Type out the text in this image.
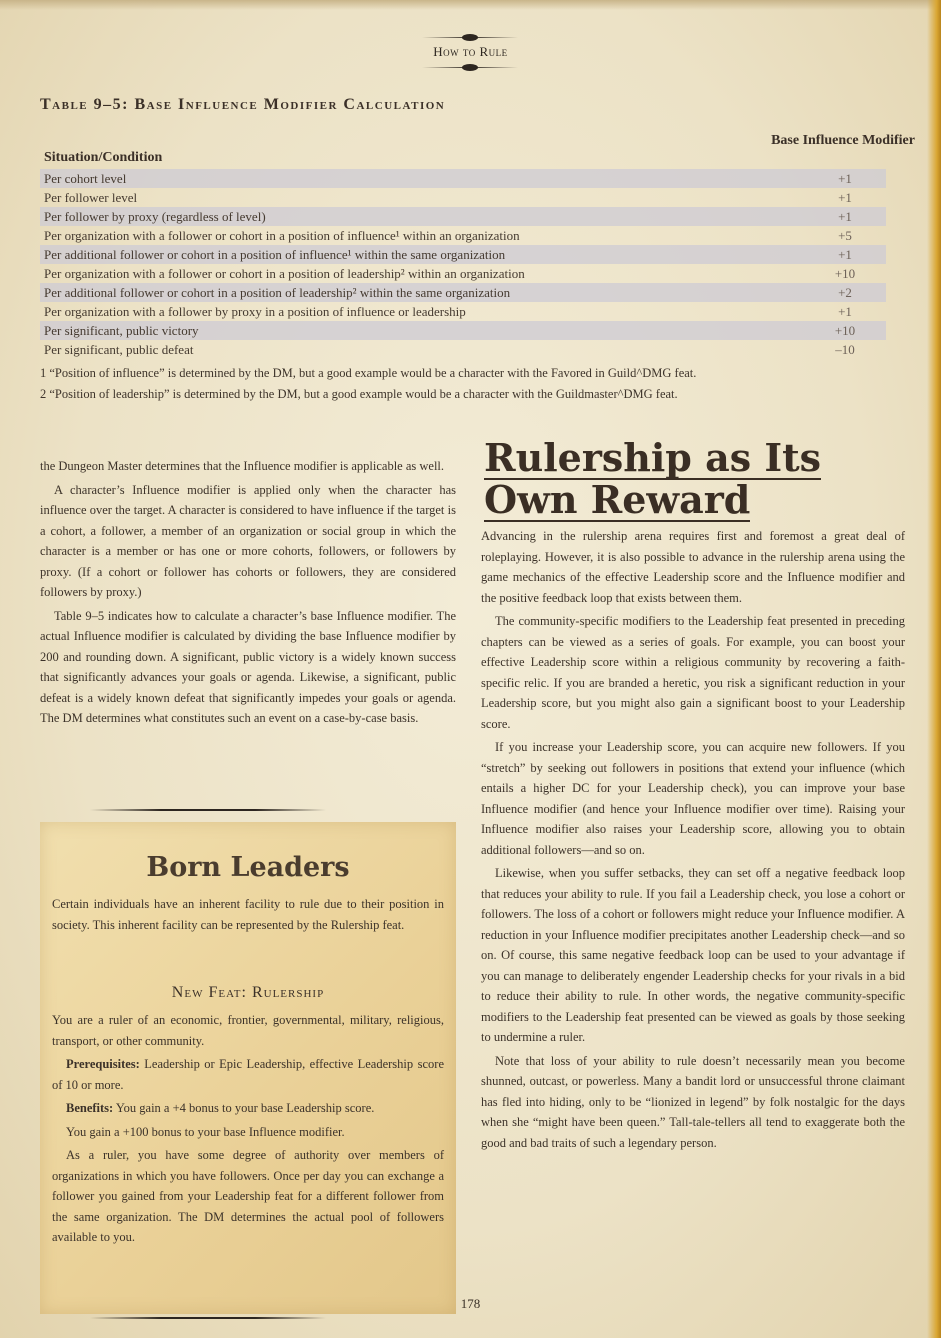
How to Rule
Table 9–5: Base Influence Modifier Calculation
Base Influence Modifier
Situation/Condition
Per cohort level	+1
Per follower level	+1
Per follower by proxy (regardless of level)	+1
Per organization with a follower or cohort in a position of influence¹ within an organization	+5
Per additional follower or cohort in a position of influence¹ within the same organization	+1
Per organization with a follower or cohort in a position of leadership² within an organization	+10
Per additional follower or cohort in a position of leadership² within the same organization	+2
Per organization with a follower by proxy in a position of influence or leadership	+1
Per significant, public victory	+10
Per significant, public defeat	–10
1 “Position of influence” is determined by the DM, but a good example would be a character with the Favored in Guild^DMG feat.
2 “Position of leadership” is determined by the DM, but a good example would be a character with the Guildmaster^DMG feat.

the Dungeon Master determines that the Influence modifier is applicable as well.

A character’s Influence modifier is applied only when the character has influence over the target. A character is considered to have influence if the target is a cohort, a follower, a member of an organization or social group in which the character is a member or has one or more cohorts, followers, or followers by proxy. (If a cohort or follower has cohorts or followers, they are considered followers by proxy.)

Table 9–5 indicates how to calculate a character’s base Influence modifier. The actual Influence modifier is calculated by dividing the base Influence modifier by 200 and rounding down. A significant, public victory is a widely known success that significantly advances your goals or agenda. Likewise, a significant, public defeat is a widely known defeat that significantly impedes your goals or agenda. The DM determines what constitutes such an event on a case-by-case basis.

Born Leaders

Certain individuals have an inherent facility to rule due to their position in society. This inherent facility can be represented by the Rulership feat.

New Feat: Rulership

You are a ruler of an economic, frontier, governmental, military, religious, transport, or other community.

Prerequisites: Leadership or Epic Leadership, effective Leadership score of 10 or more.

Benefits: You gain a +4 bonus to your base Leadership score.

You gain a +100 bonus to your base Influence modifier.

As a ruler, you have some degree of authority over members of organizations in which you have followers. Once per day you can exchange a follower you gained from your Leadership feat for a different follower from the same organization. The DM determines the actual pool of followers available to you.

Rulership as Its
Own Reward

Advancing in the rulership arena requires first and foremost a great deal of roleplaying. However, it is also possible to advance in the rulership arena using the game mechanics of the effective Leadership score and the Influence modifier and the positive feedback loop that exists between them.

The community-specific modifiers to the Leadership feat presented in preceding chapters can be viewed as a series of goals. For example, you can boost your effective Leadership score within a religious community by recovering a faith-specific relic. If you are branded a heretic, you risk a significant reduction in your Leadership score, but you might also gain a significant boost to your Leadership score.

If you increase your Leadership score, you can acquire new followers. If you “stretch” by seeking out followers in positions that extend your influence (which entails a higher DC for your Leadership check), you can improve your base Influence modifier (and hence your Influence modifier over time). Raising your Influence modifier also raises your Leadership score, allowing you to obtain additional followers—and so on.

Likewise, when you suffer setbacks, they can set off a negative feedback loop that reduces your ability to rule. If you fail a Leadership check, you lose a cohort or followers. The loss of a cohort or followers might reduce your Influence modifier. A reduction in your Influence modifier precipitates another Leadership check—and so on. Of course, this same negative feedback loop can be used to your advantage if you can manage to deliberately engender Leadership checks for your rivals in a bid to reduce their ability to rule. In other words, the negative community-specific modifiers to the Leadership feat presented can be viewed as goals by those seeking to undermine a ruler.

Note that loss of your ability to rule doesn’t necessarily mean you become shunned, outcast, or powerless. Many a bandit lord or unsuccessful throne claimant has fled into hiding, only to be “lionized in legend” by folk nostalgic for the days when she “might have been queen.” Tall-tale-tellers all tend to exaggerate both the good and bad traits of such a legendary person.

178
